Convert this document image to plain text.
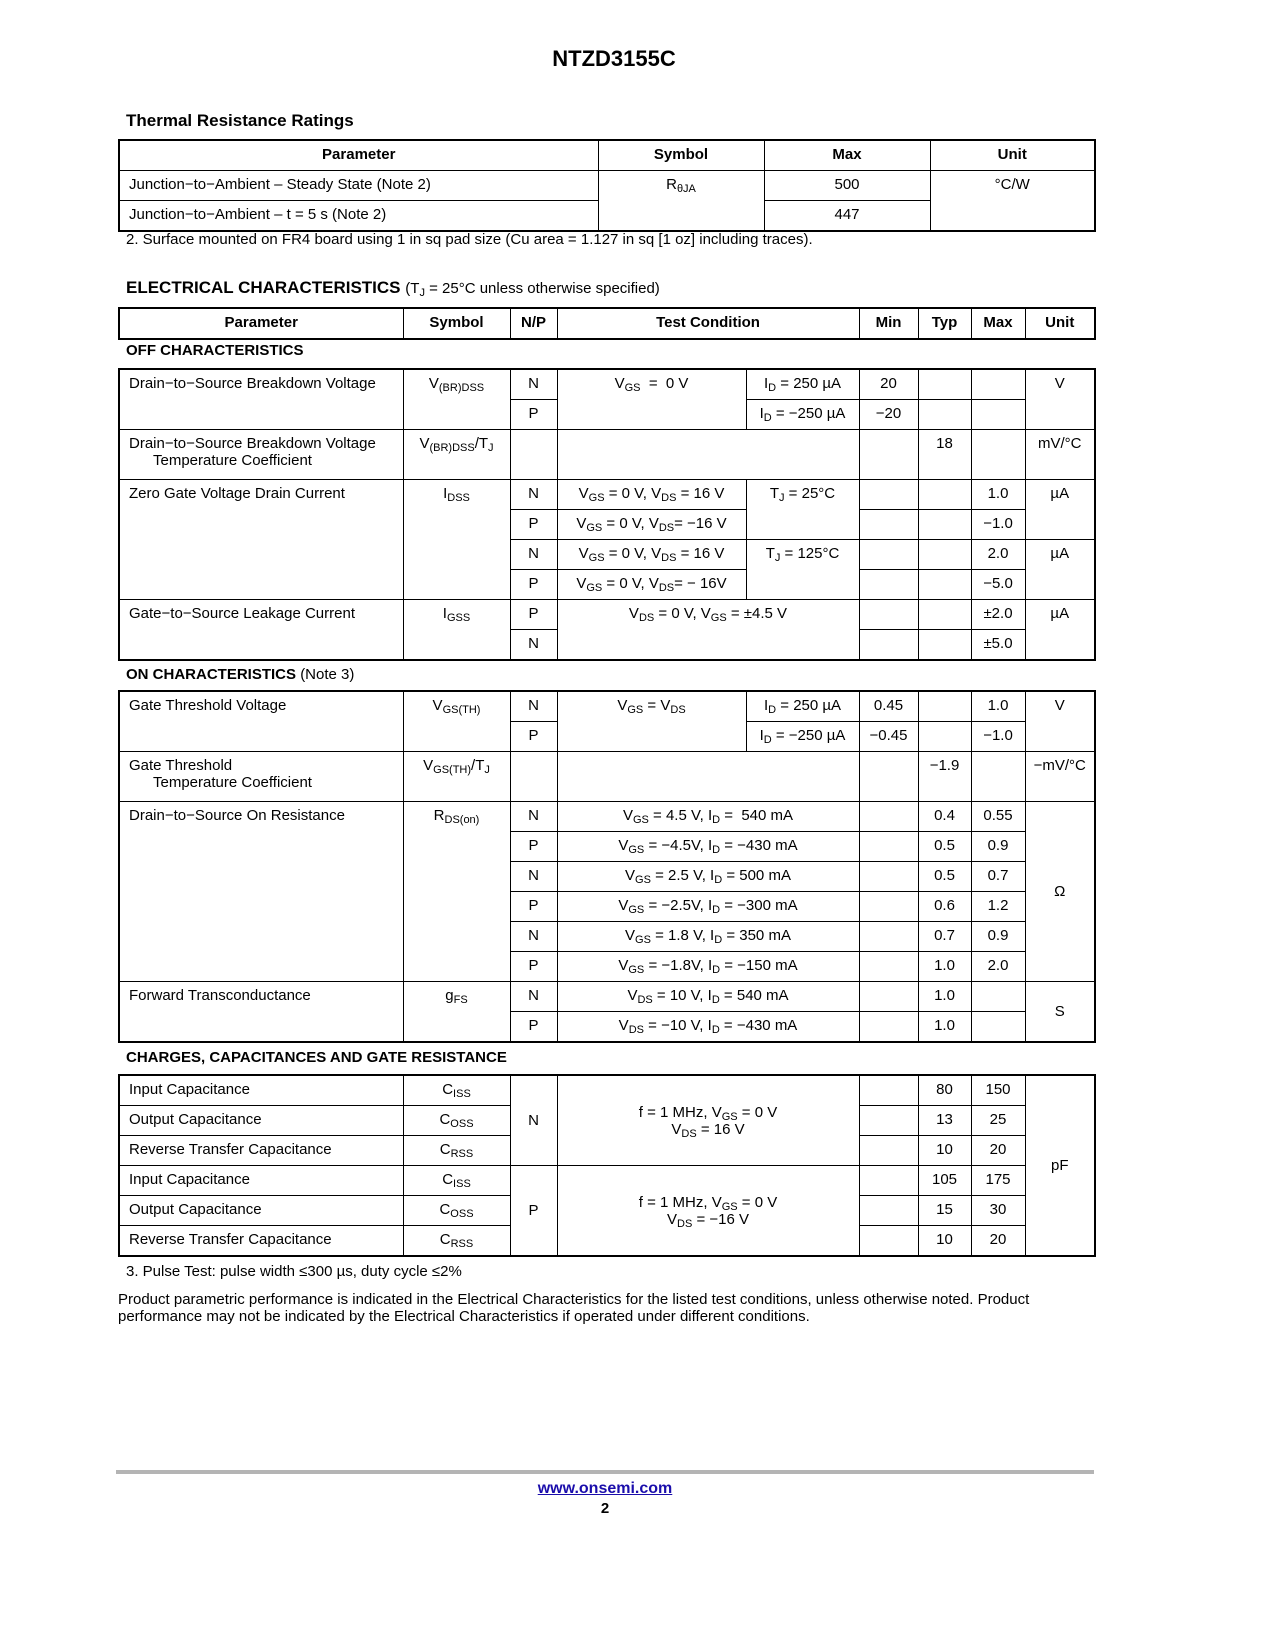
NTZD3155C
Thermal Resistance Ratings
Parameter	Symbol	Max	Unit
Junction−to−Ambient – Steady State (Note 2)	$R_{\theta JA}$	500	°C/W
Junction−to−Ambient – t = 5 s (Note 2)		447	
2. Surface mounted on FR4 board using 1 in sq pad size (Cu area = 1.127 in sq [1 oz] including traces).
ELECTRICAL CHARACTERISTICS ($T_J = 25^\circ C$ unless otherwise specified)
Parameter	Symbol	N/P	Test Condition	Min	Typ	Max	Unit
OFF CHARACTERISTICS
Drain−to−Source Breakdown Voltage	$V_{(BR)DSS}$	N	$V_{GS} = 0$ V	$I_D = 250$ µA	20			V
		P		$I_D = -250$ µA	−20			
Drain−to−Source Breakdown Voltage
Temperature Coefficient	$V_{(BR)DSS}/T_J$					18		mV/°C
Zero Gate Voltage Drain Current	$I_{DSS}$	N	$V_{GS} = 0$ V, $V_{DS} = 16$ V	$T_J = 25^\circ C$			1.0	µA
		P	$V_{GS} = 0$ V, $V_{DS}= -16$ V				−1.0	
		N	$V_{GS} = 0$ V, $V_{DS} = 16$ V	$T_J = 125^\circ C$			2.0	µA
		P	$V_{GS} = 0$ V, $V_{DS}= - 16V$				−5.0	
Gate−to−Source Leakage Current	$I_{GSS}$	P	$V_{DS} = 0$ V, $V_{GS} = \pm 4.5$ V				±2.0	µA
		N					±5.0	
ON CHARACTERISTICS (Note 3)
Gate Threshold Voltage	$V_{GS(TH)}$	N	$V_{GS} = V_{DS}$	$I_D = 250$ µA	0.45		1.0	V
		P		$I_D = -250$ µA	−0.45		−1.0	
Gate Threshold
Temperature Coefficient	$V_{GS(TH)}/T_J$					−1.9		−mV/°C
Drain−to−Source On Resistance	$R_{DS(on)}$	N	$V_{GS} = 4.5$ V, $I_D = 540$ mA			0.4	0.55	Ω
		P	$V_{GS} = -4.5V$, $I_D = -430$ mA			0.5	0.9	
		N	$V_{GS} = 2.5$ V, $I_D = 500$ mA			0.5	0.7	
		P	$V_{GS} = -2.5V$, $I_D = -300$ mA			0.6	1.2	
		N	$V_{GS} = 1.8$ V, $I_D = 350$ mA			0.7	0.9	
		P	$V_{GS} = -1.8V$, $I_D = -150$ mA			1.0	2.0	
Forward Transconductance	$g_{FS}$	N	$V_{DS} = 10$ V, $I_D = 540$ mA			1.0		S
		P	$V_{DS} = -10$ V, $I_D = -430$ mA			1.0		
CHARGES, CAPACITANCES AND GATE RESISTANCE
Input Capacitance	$C_{ISS}$	N	f = 1 MHz, $V_{GS} = 0$ V
$V_{DS} = 16$ V		80	150	pF
Output Capacitance	$C_{OSS}$				13	25	
Reverse Transfer Capacitance	$C_{RSS}$				10	20	
Input Capacitance	$C_{ISS}$	P	f = 1 MHz, $V_{GS} = 0$ V
$V_{DS} = -16$ V		105	175	
Output Capacitance	$C_{OSS}$				15	30	
Reverse Transfer Capacitance	$C_{RSS}$				10	20	
3. Pulse Test: pulse width ≤300 µs, duty cycle ≤2%
Product parametric performance is indicated in the Electrical Characteristics for the listed test conditions, unless otherwise noted. Product performance may not be indicated by the Electrical Characteristics if operated under different conditions.
www.onsemi.com
2
